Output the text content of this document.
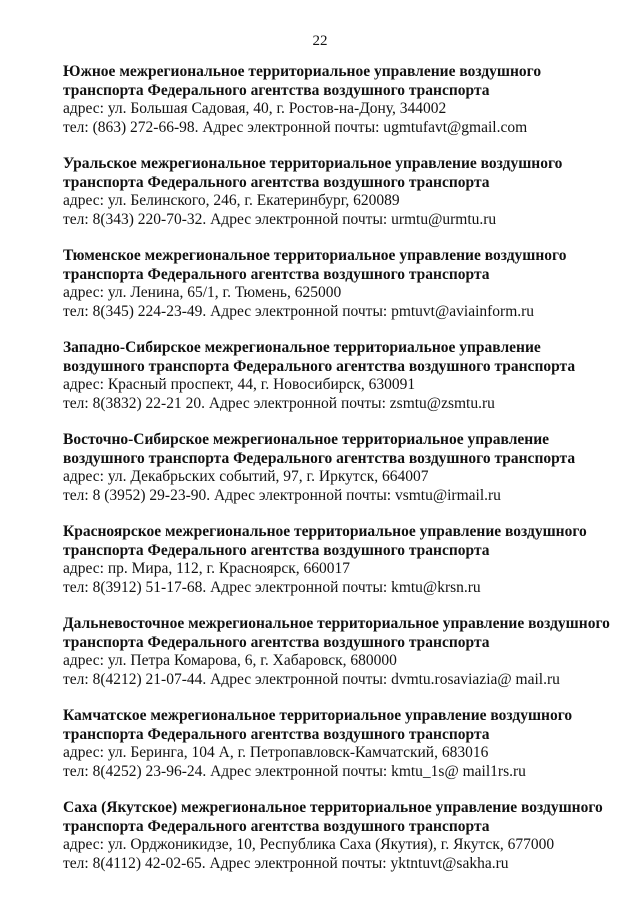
22

Южное межрегиональное территориальное управление воздушного транспорта Федерального агентства воздушного транспорта

адрес: ул. Большая Садовая, 40, г. Ростов-на-Дону, 344002

тел: (863) 272-66-98. Адрес электронной почты: ugmtufavt@gmail.com

Уральское межрегиональное территориальное управление воздушного транспорта Федерального агентства воздушного транспорта

адрес: ул. Белинского, 246, г. Екатеринбург, 620089

тел: 8(343) 220-70-32. Адрес электронной почты: urmtu@urmtu.ru

Тюменское межрегиональное территориальное управление воздушного транспорта Федерального агентства воздушного транспорта

адрес: ул. Ленина, 65/1, г. Тюмень, 625000

тел: 8(345) 224-23-49. Адрес электронной почты: pmtuvt@aviainform.ru

Западно-Сибирское межрегиональное территориальное управление воздушного транспорта Федерального агентства воздушного транспорта

адрес: Красный проспект, 44, г. Новосибирск, 630091

тел: 8(3832) 22-21 20. Адрес электронной почты: zsmtu@zsmtu.ru

Восточно-Сибирское межрегиональное территориальное управление воздушного транспорта Федерального агентства воздушного транспорта

адрес: ул. Декабрьских событий, 97, г. Иркутск, 664007

тел: 8 (3952) 29-23-90. Адрес электронной почты: vsmtu@irmail.ru

Красноярское межрегиональное территориальное управление воздушного транспорта Федерального агентства воздушного транспорта

адрес: пр. Мира, 112, г. Красноярск, 660017

тел: 8(3912) 51-17-68. Адрес электронной почты: kmtu@krsn.ru

Дальневосточное межрегиональное территориальное управление воздушного транспорта Федерального агентства воздушного транспорта

адрес: ул. Петра Комарова, 6, г. Хабаровск, 680000

тел: 8(4212) 21-07-44. Адрес электронной почты: dvmtu.rosaviazia@ mail.ru

Камчатское межрегиональное территориальное управление воздушного транспорта Федерального агентства воздушного транспорта

адрес: ул. Беринга, 104 А, г. Петропавловск-Камчатский, 683016

тел: 8(4252) 23-96-24. Адрес электронной почты: kmtu_1s@ mail1rs.ru

Саха (Якутское) межрегиональное территориальное управление воздушного транспорта Федерального агентства воздушного транспорта

адрес: ул. Орджоникидзе, 10, Республика Саха (Якутия), г. Якутск, 677000

тел: 8(4112) 42-02-65. Адрес электронной почты: yktntuvt@sakha.ru
